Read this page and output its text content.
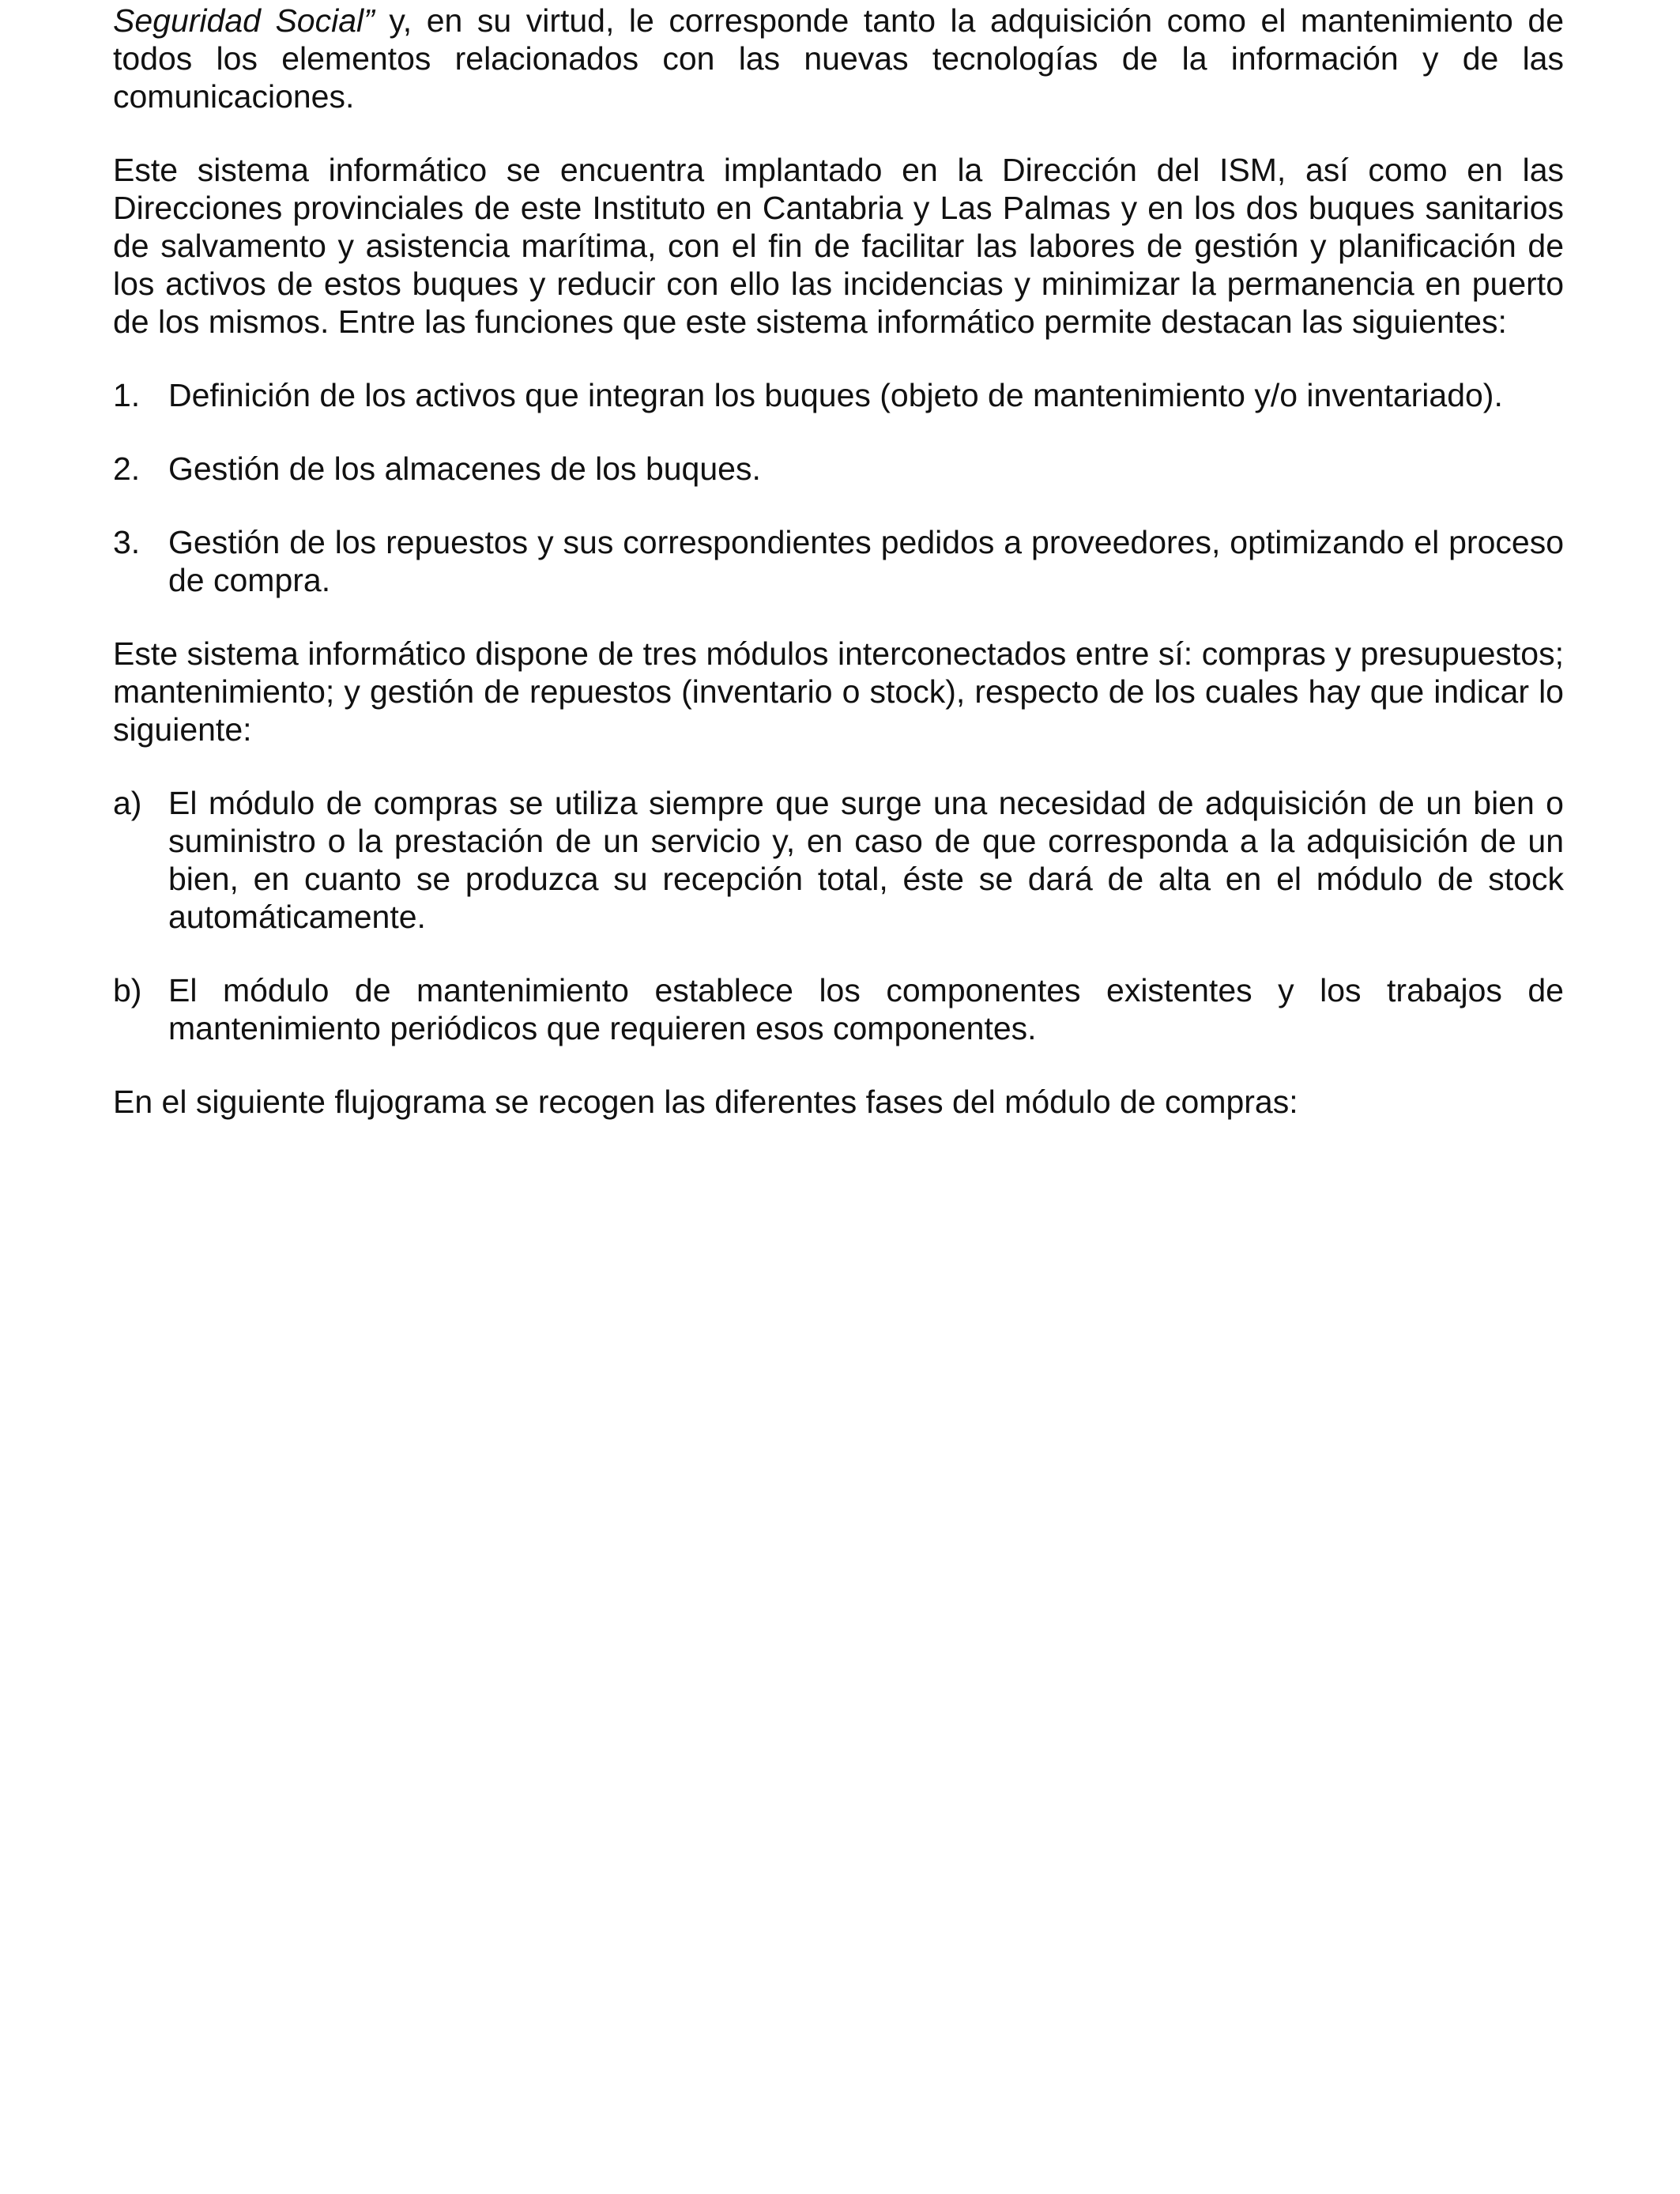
Seguridad Social” y, en su virtud, le corresponde tanto la adquisición como el mantenimiento de todos los elementos relacionados con las nuevas tecnologías de la información y de las comunicaciones.

Este sistema informático se encuentra implantado en la Dirección del ISM, así como en las Direcciones provinciales de este Instituto en Cantabria y Las Palmas y en los dos buques sanitarios de salvamento y asistencia marítima, con el fin de facilitar las labores de gestión y planificación de los activos de estos buques y reducir con ello las incidencias y minimizar la permanencia en puerto de los mismos. Entre las funciones que este sistema informático permite destacan las siguientes:

1. Definición de los activos que integran los buques (objeto de mantenimiento y/o inventariado).
2. Gestión de los almacenes de los buques.
3. Gestión de los repuestos y sus correspondientes pedidos a proveedores, optimizando el proceso de compra.

Este sistema informático dispone de tres módulos interconectados entre sí: compras y presupuestos; mantenimiento; y gestión de repuestos (inventario o stock), respecto de los cuales hay que indicar lo siguiente:

a) El módulo de compras se utiliza siempre que surge una necesidad de adquisición de un bien o suministro o la prestación de un servicio y, en caso de que corresponda a la adquisición de un bien, en cuanto se produzca su recepción total, éste se dará de alta en el módulo de stock automáticamente.
b) El módulo de mantenimiento establece los componentes existentes y los trabajos de mantenimiento periódicos que requieren esos componentes.

En el siguiente flujograma se recogen las diferentes fases del módulo de compras:
